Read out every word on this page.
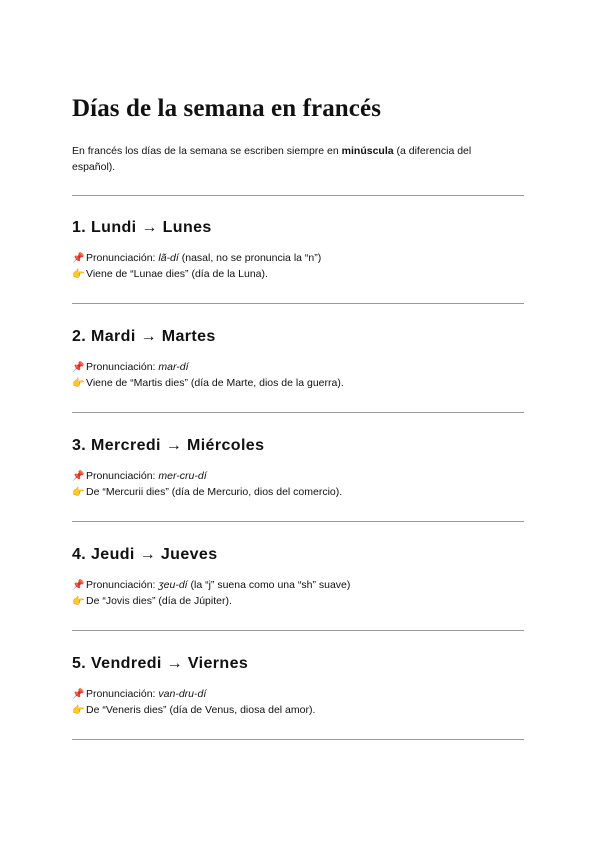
Días de la semana en francés

En francés los días de la semana se escriben siempre en minúscula (a diferencia del español).

1. Lundi → Lunes
📌 Pronunciación: lã-dí (nasal, no se pronuncia la “n”)
👉 Viene de “Lunae dies” (día de la Luna).
2. Mardi → Martes
📌 Pronunciación: mar-dí
👉 Viene de “Martis dies” (día de Marte, dios de la guerra).
3. Mercredi → Miércoles
📌 Pronunciación: mer-cru-dí
👉 De “Mercurii dies” (día de Mercurio, dios del comercio).
4. Jeudi → Jueves
📌 Pronunciación: ʒeu-dí (la “j” suena como una “sh” suave)
👉 De “Jovis dies” (día de Júpiter).
5. Vendredi → Viernes
📌 Pronunciación: van-dru-dí
👉 De “Veneris dies” (día de Venus, diosa del amor).
